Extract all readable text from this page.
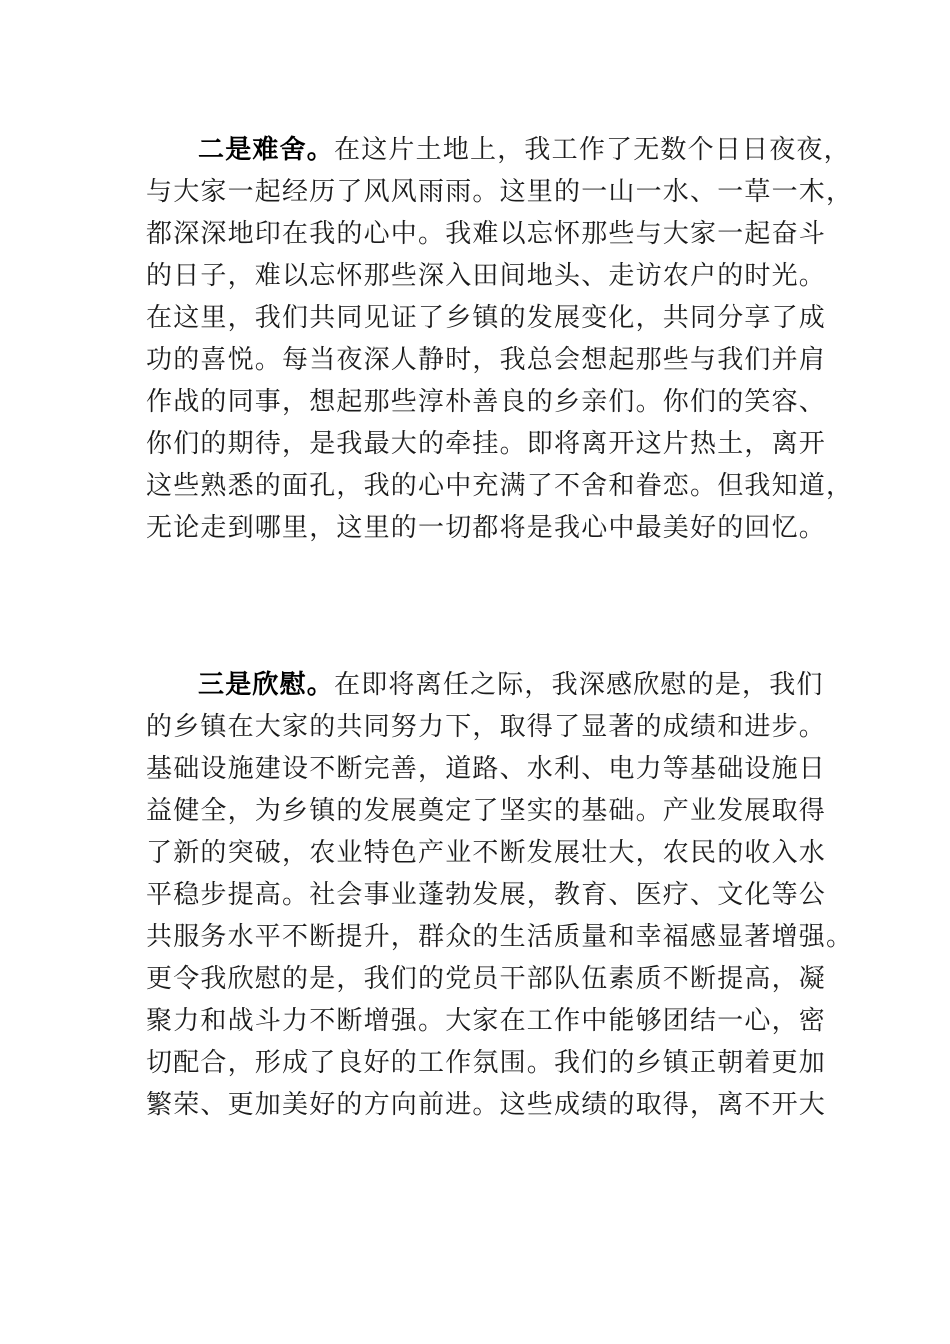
二是难舍。在这片土地上，我工作了无数个日日夜夜，
与大家一起经历了风风雨雨。这里的一山一水、一草一木，
都深深地印在我的心中。我难以忘怀那些与大家一起奋斗
的日子，难以忘怀那些深入田间地头、走访农户的时光。
在这里，我们共同见证了乡镇的发展变化，共同分享了成
功的喜悦。每当夜深人静时，我总会想起那些与我们并肩
作战的同事，想起那些淳朴善良的乡亲们。你们的笑容、
你们的期待，是我最大的牵挂。即将离开这片热土，离开
这些熟悉的面孔，我的心中充满了不舍和眷恋。但我知道，
无论走到哪里，这里的一切都将是我心中最美好的回忆。
三是欣慰。在即将离任之际，我深感欣慰的是，我们
的乡镇在大家的共同努力下，取得了显著的成绩和进步。
基础设施建设不断完善，道路、水利、电力等基础设施日
益健全，为乡镇的发展奠定了坚实的基础。产业发展取得
了新的突破，农业特色产业不断发展壮大，农民的收入水
平稳步提高。社会事业蓬勃发展，教育、医疗、文化等公
共服务水平不断提升，群众的生活质量和幸福感显著增强。
更令我欣慰的是，我们的党员干部队伍素质不断提高，凝
聚力和战斗力不断增强。大家在工作中能够团结一心，密
切配合，形成了良好的工作氛围。我们的乡镇正朝着更加
繁荣、更加美好的方向前进。这些成绩的取得，离不开大
